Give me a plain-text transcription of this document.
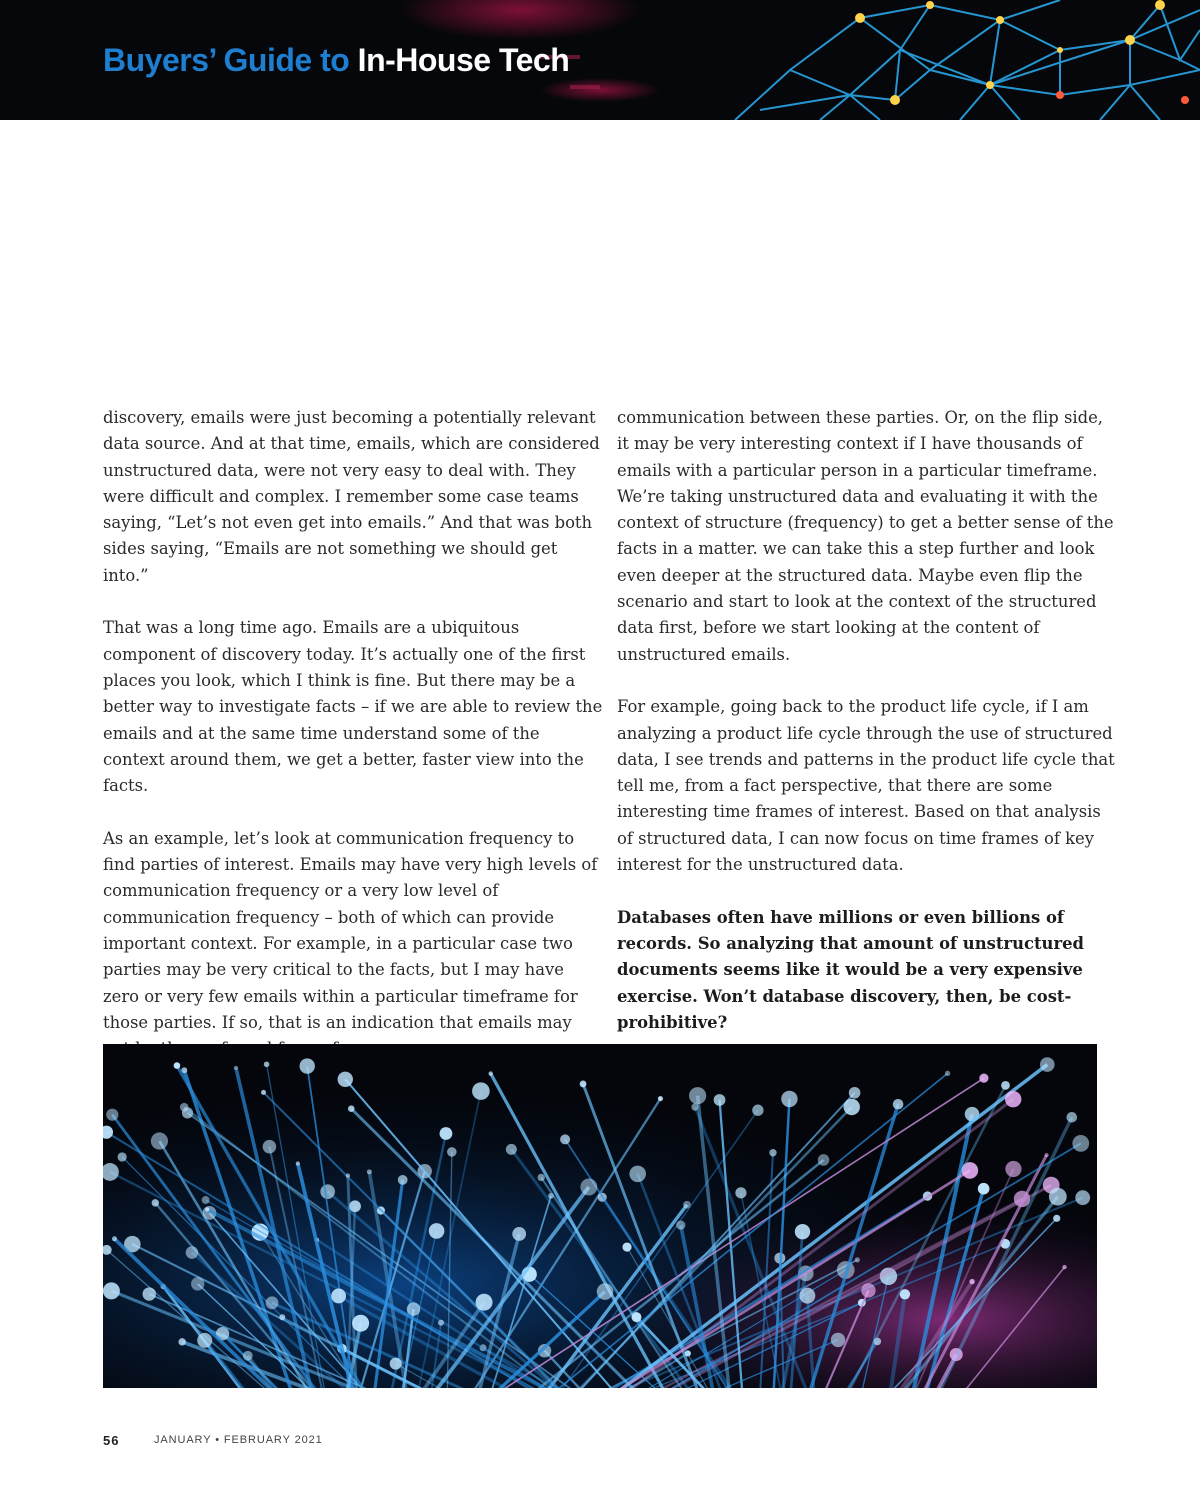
Buyers’ Guide to In-House Tech

discovery, emails were just becoming a potentially relevant data source. And at that time, emails, which are considered unstructured data, were not very easy to deal with. They were difficult and complex. I remember some case teams saying, “Let’s not even get into emails.” And that was both sides saying, “Emails are not something we should get into.”

That was a long time ago. Emails are a ubiquitous component of discovery today. It’s actually one of the first places you look, which I think is fine. But there may be a better way to investigate facts – if we are able to review the emails and at the same time understand some of the context around them, we get a better, faster view into the facts.

As an example, let’s look at communication frequency to find parties of interest. Emails may have very high levels of communication frequency or a very low level of communication frequency – both of which can provide important context. For example, in a particular case two parties may be very critical to the facts, but I may have zero or very few emails within a particular timeframe for those parties. If so, that is an indication that emails may

communication between these parties. Or, on the flip side, it may be very interesting context if I have thousands of emails with a particular person in a particular timeframe. We’re taking unstructured data and evaluating it with the context of structure (frequency) to get a better sense of the facts in a matter. we can take this a step further and look even deeper at the structured data. Maybe even flip the scenario and start to look at the context of the structured data first, before we start looking at the content of unstructured emails.

For example, going back to the product life cycle, if I am analyzing a product life cycle through the use of structured data, I see trends and patterns in the product life cycle that tell me, from a fact perspective, that there are some interesting time frames of interest. Based on that analysis of structured data, I can now focus on time frames of key interest for the unstructured data.

Databases often have millions or even billions of records. So analyzing that amount of unstructured documents seems like it would be a very expensive exercise. Won’t database discovery, then, be cost-prohibitive?

56	JANUARY • FEBRUARY 2021
